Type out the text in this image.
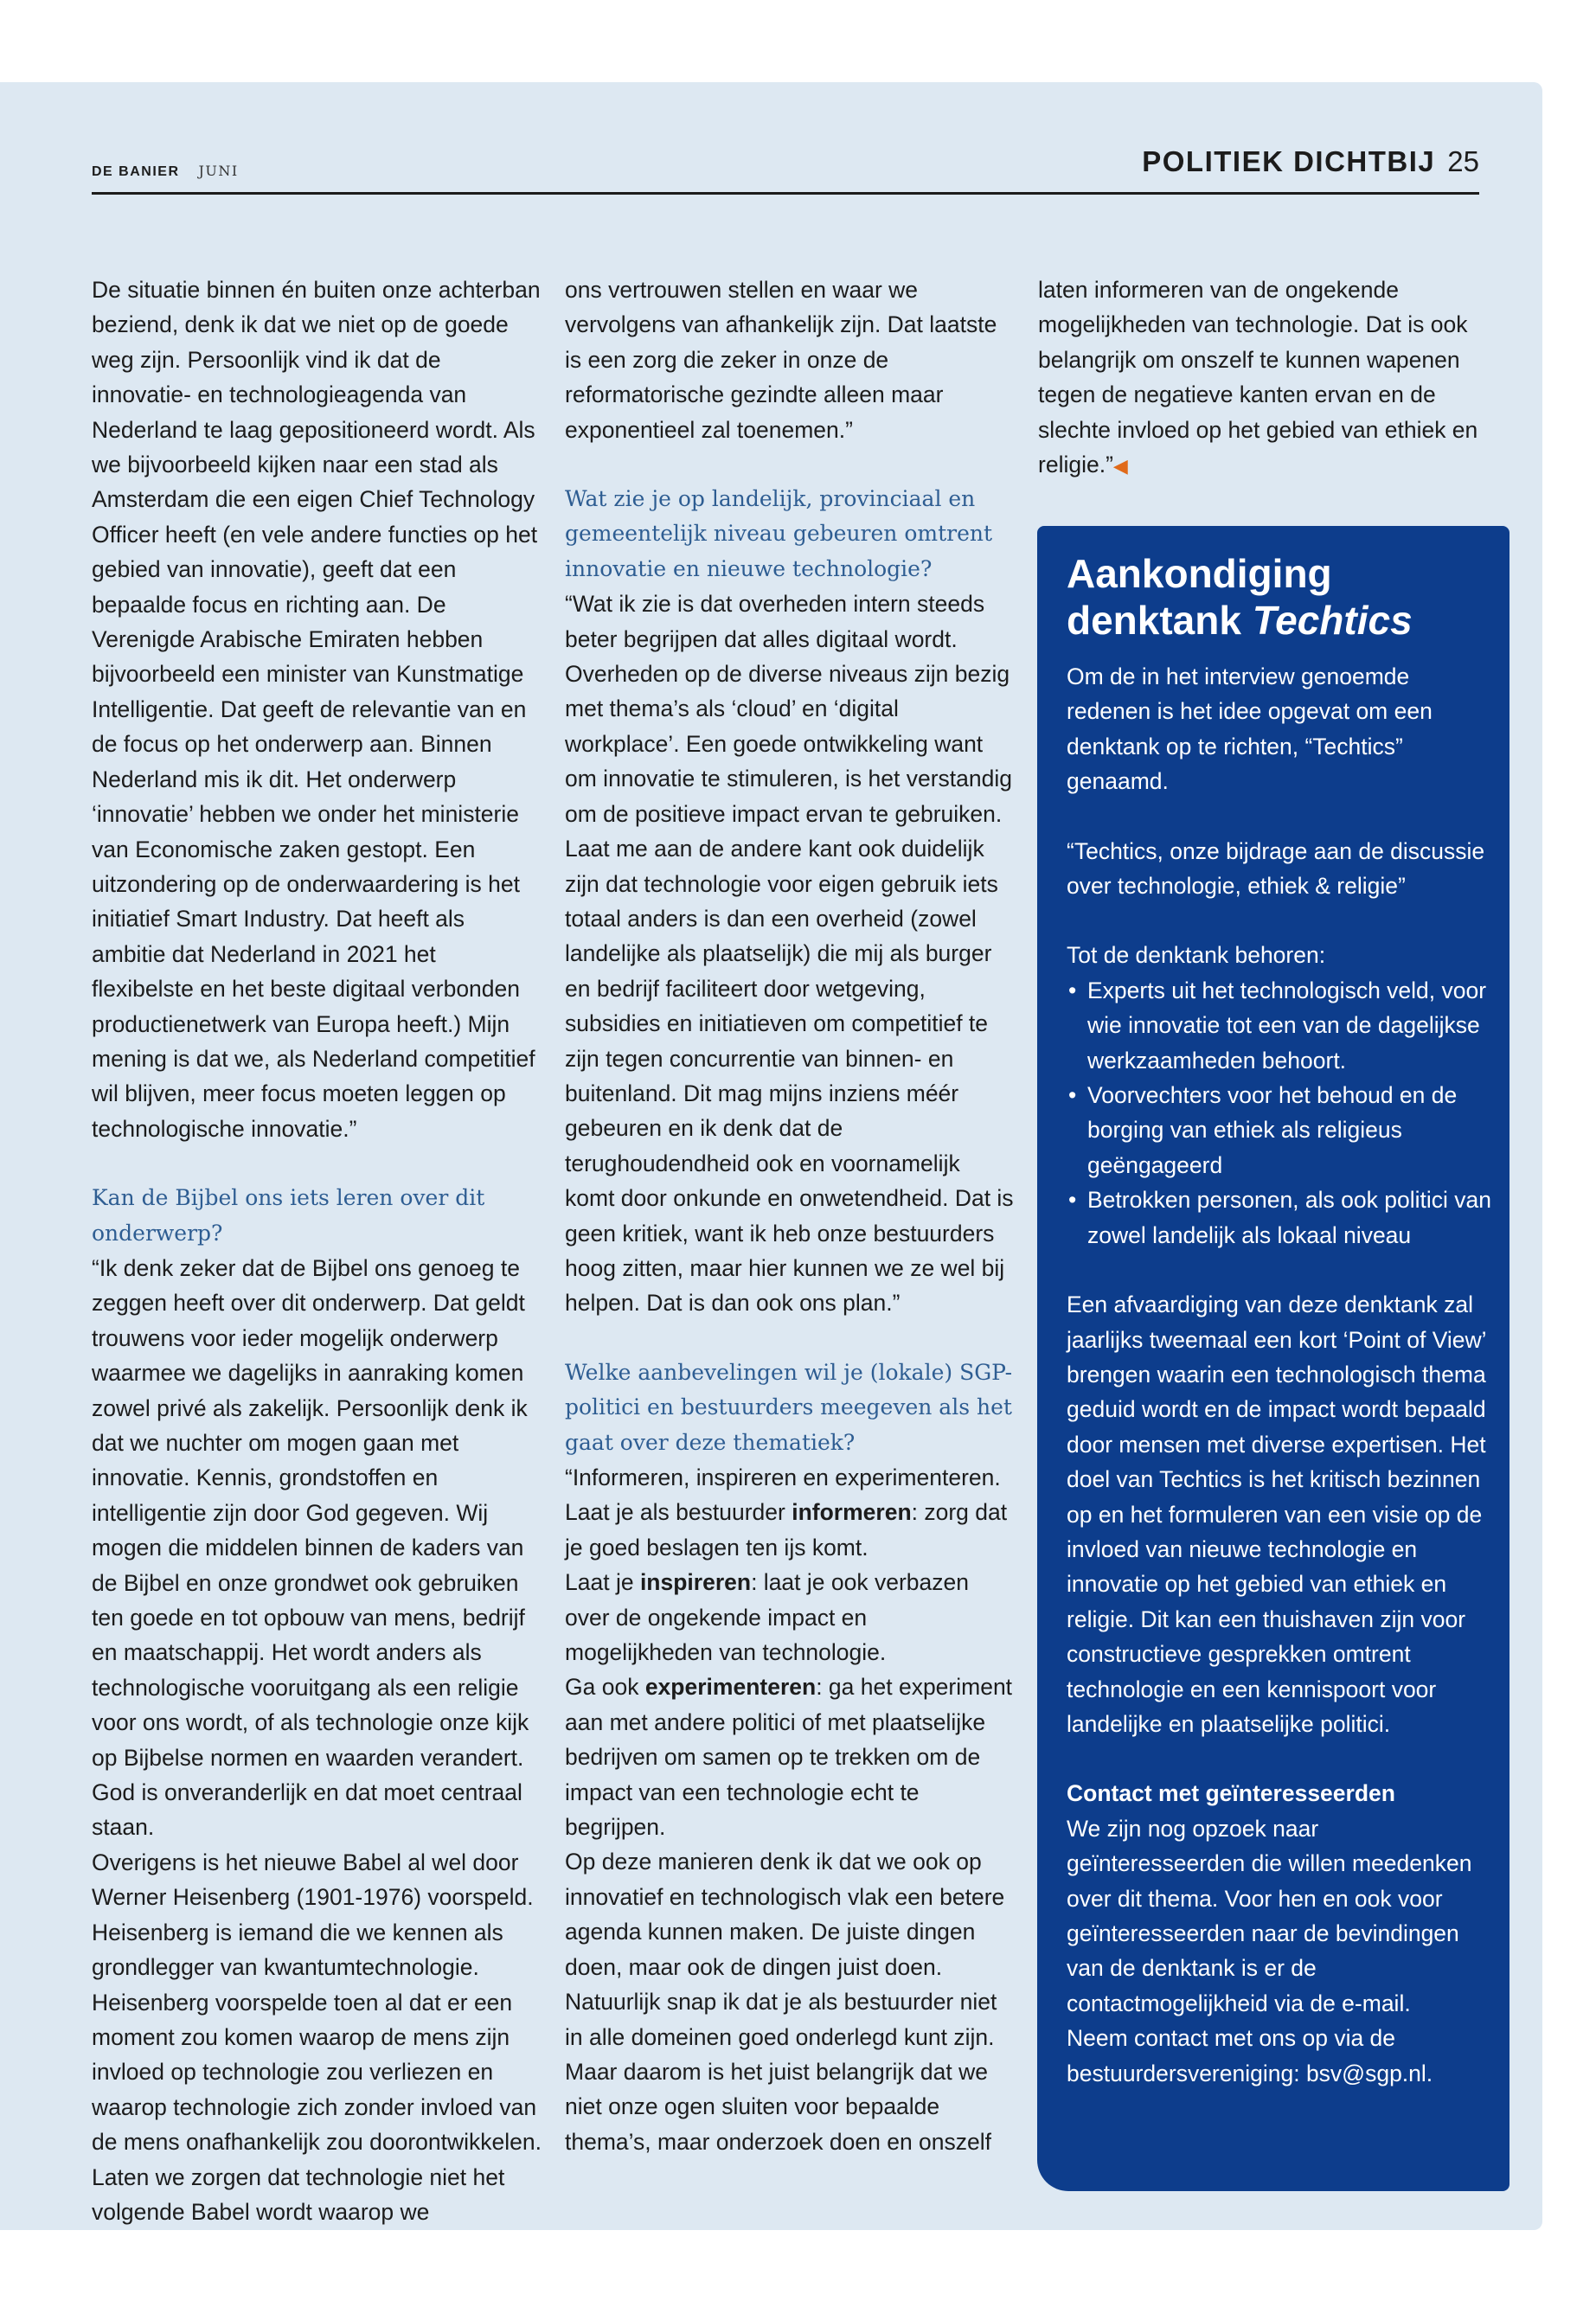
DE BANIER JUNI	POLITIEK DICHTBIJ 25

De situatie binnen én buiten onze achterban beziend, denk ik dat we niet op de goede weg zijn. Persoonlijk vind ik dat de innovatie- en technologieagenda van Nederland te laag gepositioneerd wordt. Als we bijvoorbeeld kijken naar een stad als Amsterdam die een eigen Chief Technology Officer heeft (en vele andere functies op het gebied van innovatie), geeft dat een bepaalde focus en richting aan. De Verenigde Arabische Emiraten hebben bijvoorbeeld een minister van Kunstmatige Intelligentie. Dat geeft de relevantie van en de focus op het onderwerp aan. Binnen Nederland mis ik dit. Het onderwerp ‘innovatie’ hebben we onder het ministerie van Economische zaken gestopt. Een uitzondering op de onderwaardering is het initiatief Smart Industry. Dat heeft als ambitie dat Nederland in 2021 het flexibelste en het beste digitaal verbonden productienetwerk van Europa heeft.) Mijn mening is dat we, als Nederland competitief wil blijven, meer focus moeten leggen op technologische innovatie.”

Kan de Bijbel ons iets leren over dit onderwerp?

“Ik denk zeker dat de Bijbel ons genoeg te zeggen heeft over dit onderwerp. Dat geldt trouwens voor ieder mogelijk onderwerp waarmee we dagelijks in aanraking komen zowel privé als zakelijk. Persoonlijk denk ik dat we nuchter om mogen gaan met innovatie. Kennis, grondstoffen en intelligentie zijn door God gegeven. Wij mogen die middelen binnen de kaders van de Bijbel en onze grondwet ook gebruiken ten goede en tot opbouw van mens, bedrijf en maatschappij. Het wordt anders als technologische vooruitgang als een religie voor ons wordt, of als technologie onze kijk op Bijbelse normen en waarden verandert. God is onveranderlijk en dat moet centraal staan.

Overigens is het nieuwe Babel al wel door Werner Heisenberg (1901-1976) voorspeld. Heisenberg is iemand die we kennen als grondlegger van kwantumtechnologie. Heisenberg voorspelde toen al dat er een moment zou komen waarop de mens zijn invloed op technologie zou verliezen en waarop technologie zich zonder invloed van de mens onafhankelijk zou doorontwikkelen. Laten we zorgen dat technologie niet het volgende Babel wordt waarop we

ons vertrouwen stellen en waar we vervolgens van afhankelijk zijn. Dat laatste is een zorg die zeker in onze de reformatorische gezindte alleen maar exponentieel zal toenemen.”

Wat zie je op landelijk, provinciaal en gemeentelijk niveau gebeuren omtrent innovatie en nieuwe technologie?

“Wat ik zie is dat overheden intern steeds beter begrijpen dat alles digitaal wordt. Overheden op de diverse niveaus zijn bezig met thema’s als ‘cloud’ en ‘digital workplace’. Een goede ontwikkeling want om innovatie te stimuleren, is het verstandig om de positieve impact ervan te gebruiken. Laat me aan de andere kant ook duidelijk zijn dat technologie voor eigen gebruik iets totaal anders is dan een overheid (zowel landelijke als plaatselijk) die mij als burger en bedrijf faciliteert door wetgeving, subsidies en initiatieven om competitief te zijn tegen concurrentie van binnen- en buitenland. Dit mag mijns inziens méér gebeuren en ik denk dat de terughoudendheid ook en voornamelijk komt door onkunde en onwetendheid. Dat is geen kritiek, want ik heb onze bestuurders hoog zitten, maar hier kunnen we ze wel bij helpen. Dat is dan ook ons plan.”

Welke aanbevelingen wil je (lokale) SGP-politici en bestuurders meegeven als het gaat over deze thematiek?

“Informeren, inspireren en experimenteren.

Laat je als bestuurder informeren: zorg dat je goed beslagen ten ijs komt.

Laat je inspireren: laat je ook verbazen over de ongekende impact en mogelijkheden van technologie.

Ga ook experimenteren: ga het experiment aan met andere politici of met plaatselijke bedrijven om samen op te trekken om de impact van een technologie echt te begrijpen.

Op deze manieren denk ik dat we ook op innovatief en technologisch vlak een betere agenda kunnen maken. De juiste dingen doen, maar ook de dingen juist doen. Natuurlijk snap ik dat je als bestuurder niet in alle domeinen goed onderlegd kunt zijn. Maar daarom is het juist belangrijk dat we niet onze ogen sluiten voor bepaalde thema’s, maar onderzoek doen en onszelf

laten informeren van de ongekende mogelijkheden van technologie. Dat is ook belangrijk om onszelf te kunnen wapenen tegen de negatieve kanten ervan en de slechte invloed op het gebied van ethiek en religie.”◀

Aankondiging
denktank Techtics

Om de in het interview genoemde redenen is het idee opgevat om een denktank op te richten, “Techtics” genaamd.

“Techtics, onze bijdrage aan de discussie over technologie, ethiek & religie”

Tot de denktank behoren:

• Experts uit het technologisch veld, voor wie innovatie tot een van de dagelijkse werkzaamheden behoort.
• Voorvechters voor het behoud en de borging van ethiek als religieus geëngageerd
• Betrokken personen, als ook politici van zowel landelijk als lokaal niveau

Een afvaardiging van deze denktank zal jaarlijks tweemaal een kort ‘Point of View’ brengen waarin een technologisch thema geduid wordt en de impact wordt bepaald door mensen met diverse expertisen. Het doel van Techtics is het kritisch bezinnen op en het formuleren van een visie op de invloed van nieuwe technologie en innovatie op het gebied van ethiek en religie. Dit kan een thuishaven zijn voor constructieve gesprekken omtrent technologie en een kennispoort voor landelijke en plaatselijke politici.

Contact met geïnteresseerden

We zijn nog opzoek naar geïnteresseerden die willen meedenken over dit thema. Voor hen en ook voor geïnteresseerden naar de bevindingen van de denktank is er de contactmogelijkheid via de e-mail.

Neem contact met ons op via de bestuurdersvereniging: bsv@sgp.nl.
